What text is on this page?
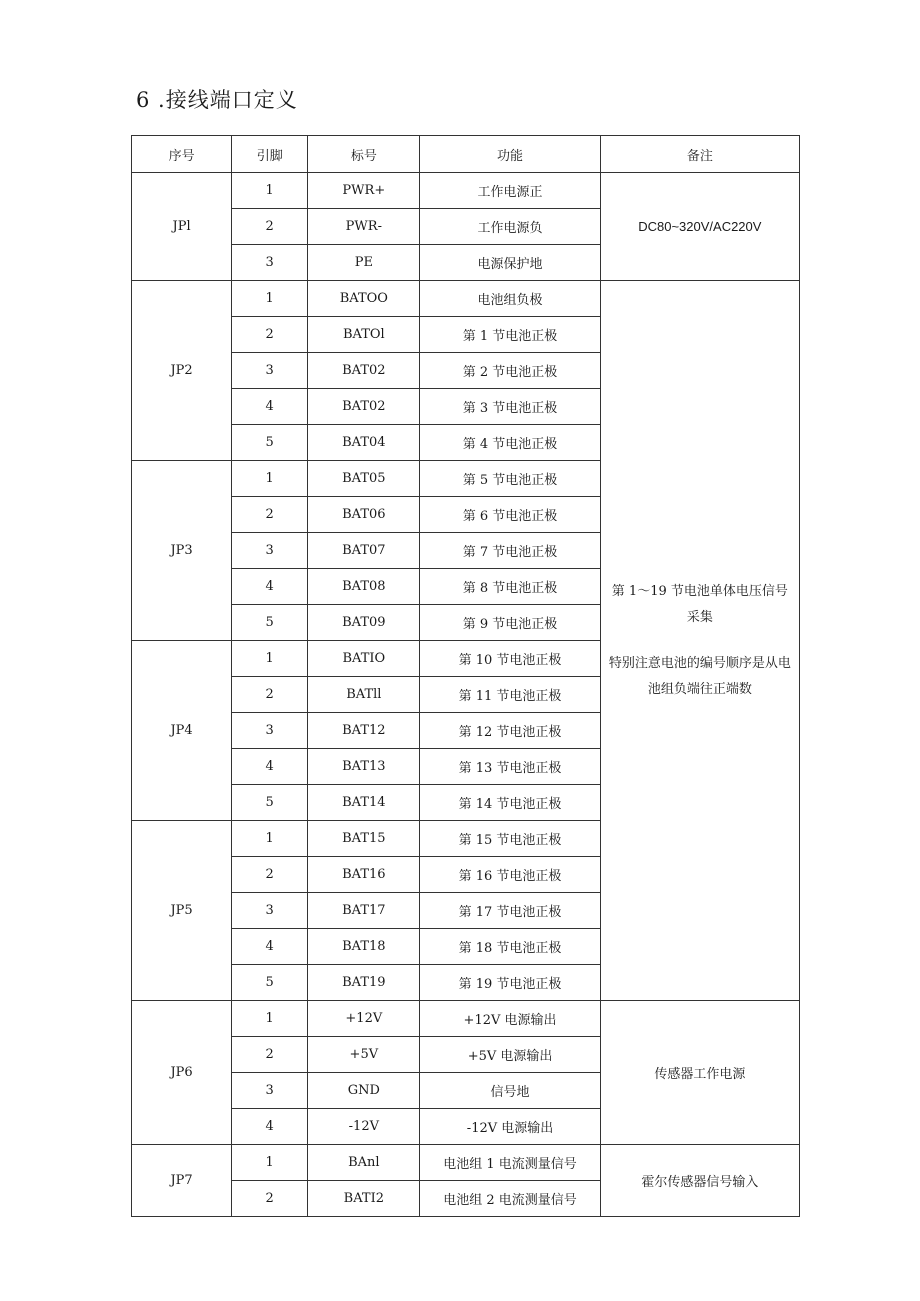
6 .接线端口定义
序号	引脚	标号	功能	备注
JPl	1	PWR+	工作电源正	DC80~320V/AC220V
	2	PWR-	工作电源负	
	3	PE	电源保护地	
JP2	1	BATOO	电池组负极	第 1～19 节电池单体电压信号

采集

特别注意电池的编号顺序是从电

池组负端往正端数

	2	BATOl	第 1 节电池正极	
	3	BAT02	第 2 节电池正极	
	4	BAT02	第 3 节电池正极	
	5	BAT04	第 4 节电池正极	
JP3	1	BAT05	第 5 节电池正极	
	2	BAT06	第 6 节电池正极	
	3	BAT07	第 7 节电池正极	
	4	BAT08	第 8 节电池正极	
	5	BAT09	第 9 节电池正极	
JP4	1	BATIO	第 10 节电池正极	
	2	BATll	第 11 节电池正极	
	3	BAT12	第 12 节电池正极	
	4	BAT13	第 13 节电池正极	
	5	BAT14	第 14 节电池正极	
JP5	1	BAT15	第 15 节电池正极	
	2	BAT16	第 16 节电池正极	
	3	BAT17	第 17 节电池正极	
	4	BAT18	第 18 节电池正极	
	5	BAT19	第 19 节电池正极	
JP6	1	+12V	+12V 电源输出	传感器工作电源
	2	+5V	+5V 电源输出	
	3	GND	信号地	
	4	-12V	-12V 电源输出	
JP7	1	BAnl	电池组 1 电流测量信号	霍尔传感器信号输入
	2	BATI2	电池组 2 电流测量信号	
